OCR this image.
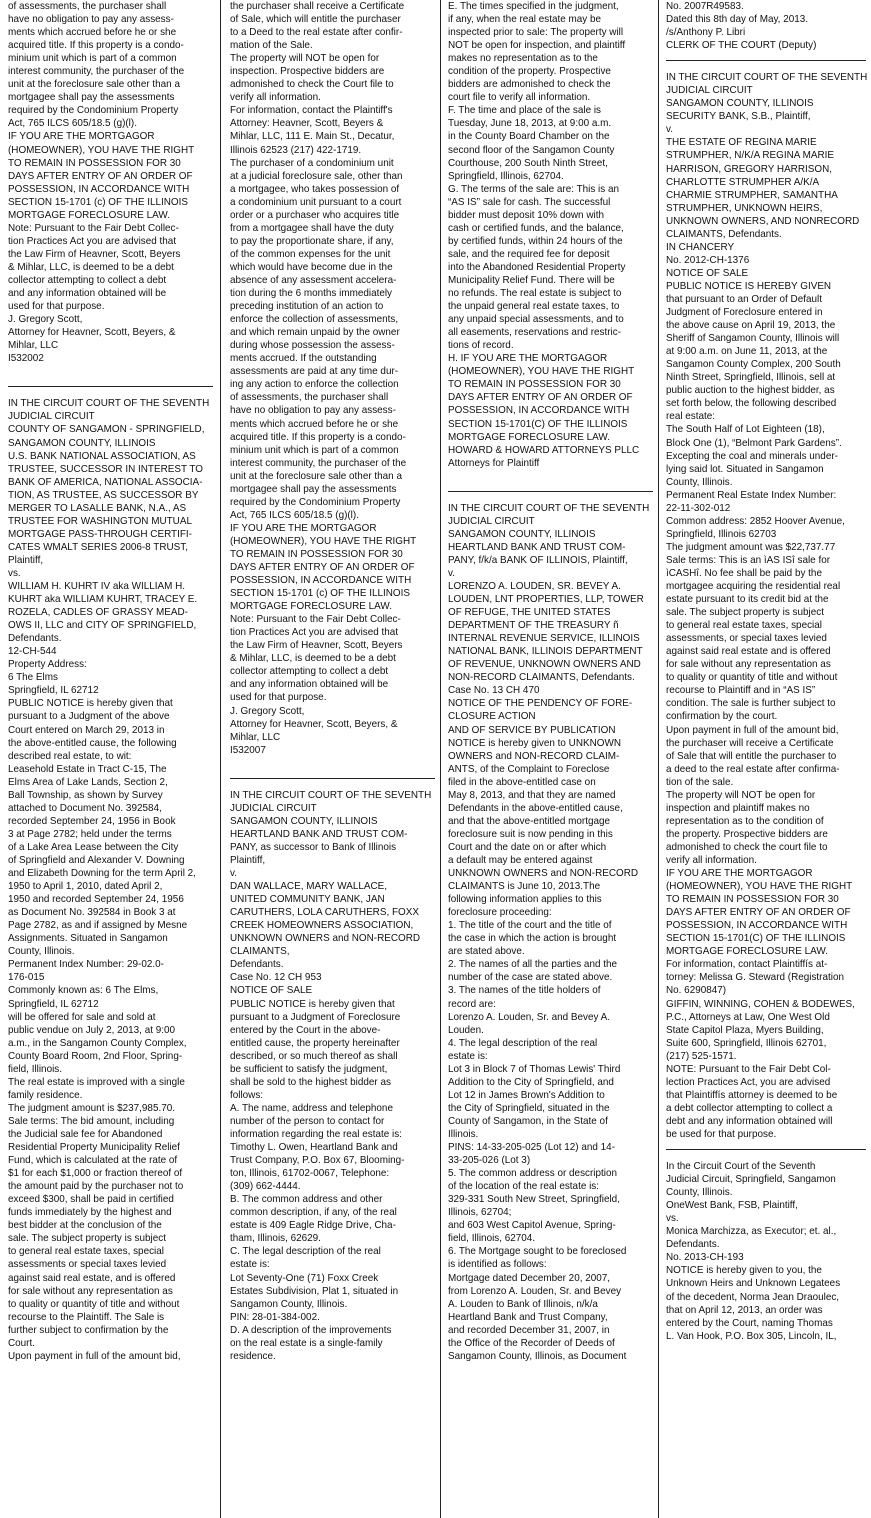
of assessments, the purchaser shall
have no obligation to pay any assess-
ments which accrued before he or she
acquired title. If this property is a condo-
minium unit which is part of a common
interest community, the purchaser of the
unit at the foreclosure sale other than a
mortgagee shall pay the assessments
required by the Condominium Property
Act, 765 ILCS 605/18.5 (g)(l).
IF YOU ARE THE MORTGAGOR
(HOMEOWNER), YOU HAVE THE RIGHT
TO REMAIN IN POSSESSION FOR 30
DAYS AFTER ENTRY OF AN ORDER OF
POSSESSION, IN ACCORDANCE WITH
SECTION 15-1701 (c) OF THE ILLINOIS
MORTGAGE FORECLOSURE LAW.
Note: Pursuant to the Fair Debt Collec-
tion Practices Act you are advised that
the Law Firm of Heavner, Scott, Beyers
& Mihlar, LLC, is deemed to be a debt
collector attempting to collect a debt
and any information obtained will be
used for that purpose.
J. Gregory Scott,
Attorney for Heavner, Scott, Beyers, &
Mihlar, LLC
I532002
IN THE CIRCUIT COURT OF THE SEVENTH
JUDICIAL CIRCUIT
COUNTY OF SANGAMON - SPRINGFIELD,
SANGAMON COUNTY, ILLINOIS
U.S. BANK NATIONAL ASSOCIATION, AS
TRUSTEE, SUCCESSOR IN INTEREST TO
BANK OF AMERICA, NATIONAL ASSOCIA-
TION, AS TRUSTEE, AS SUCCESSOR BY
MERGER TO LASALLE BANK, N.A., AS
TRUSTEE FOR WASHINGTON MUTUAL
MORTGAGE PASS-THROUGH CERTIFI-
CATES WMALT SERIES 2006-8 TRUST,
Plaintiff,
vs.
WILLIAM H. KUHRT IV aka WILLIAM H.
KUHRT aka WILLIAM KUHRT, TRACEY E.
ROZELA, CADLES OF GRASSY MEAD-
OWS II, LLC and CITY OF SPRINGFIELD,
Defendants.
12-CH-544
Property Address:
6 The Elms
Springfield, IL 62712
PUBLIC NOTICE is hereby given that
pursuant to a Judgment of the above
Court entered on March 29, 2013 in
the above-entitled cause, the following
described real estate, to wit:
Leasehold Estate in Tract C-15, The
Elms Area of Lake Lands, Section 2,
Ball Township, as shown by Survey
attached to Document No. 392584,
recorded September 24, 1956 in Book
3 at Page 2782; held under the terms
of a Lake Area Lease between the City
of Springfield and Alexander V. Downing
and Elizabeth Downing for the term April 2,
1950 to April 1, 2010, dated April 2,
1950 and recorded September 24, 1956
as Document No. 392584 in Book 3 at
Page 2782, as and if assigned by Mesne
Assignments. Situated in Sangamon
County, Illinois.
Permanent Index Number: 29-02.0-
176-015
Commonly known as: 6 The Elms,
Springfield, IL 62712
will be offered for sale and sold at
public vendue on July 2, 2013, at 9:00
a.m., in the Sangamon County Complex,
County Board Room, 2nd Floor, Spring-
field, Illinois.
The real estate is improved with a single
family residence.
The judgment amount is $237,985.70.
Sale terms: The bid amount, including
the Judicial sale fee for Abandoned
Residential Property Municipality Relief
Fund, which is calculated at the rate of
$1 for each $1,000 or fraction thereof of
the amount paid by the purchaser not to
exceed $300, shall be paid in certified
funds immediately by the highest and
best bidder at the conclusion of the
sale. The subject property is subject
to general real estate taxes, special
assessments or special taxes levied
against said real estate, and is offered
for sale without any representation as
to quality or quantity of title and without
recourse to the Plaintiff. The Sale is
further subject to confirmation by the
Court.
Upon payment in full of the amount bid,
the purchaser shall receive a Certificate
of Sale, which will entitle the purchaser
to a Deed to the real estate after confir-
mation of the Sale.
The property will NOT be open for
inspection. Prospective bidders are
admonished to check the Court file to
verify all information.
For information, contact the Plaintiff's
Attorney: Heavner, Scott, Beyers &
Mihlar, LLC, 111 E. Main St., Decatur,
Illinois 62523 (217) 422-1719.
The purchaser of a condominium unit
at a judicial foreclosure sale, other than
a mortgagee, who takes possession of
a condominium unit pursuant to a court
order or a purchaser who acquires title
from a mortgagee shall have the duty
to pay the proportionate share, if any,
of the common expenses for the unit
which would have become due in the
absence of any assessment accelera-
tion during the 6 months immediately
preceding institution of an action to
enforce the collection of assessments,
and which remain unpaid by the owner
during whose possession the assess-
ments accrued. If the outstanding
assessments are paid at any time dur-
ing any action to enforce the collection
of assessments, the purchaser shall
have no obligation to pay any assess-
ments which accrued before he or she
acquired title. If this property is a condo-
minium unit which is part of a common
interest community, the purchaser of the
unit at the foreclosure sale other than a
mortgagee shall pay the assessments
required by the Condominium Property
Act, 765 ILCS 605/18.5 (g)(l).
IF YOU ARE THE MORTGAGOR
(HOMEOWNER), YOU HAVE THE RIGHT
TO REMAIN IN POSSESSION FOR 30
DAYS AFTER ENTRY OF AN ORDER OF
POSSESSION, IN ACCORDANCE WITH
SECTION 15-1701 (c) OF THE ILLINOIS
MORTGAGE FORECLOSURE LAW.
Note: Pursuant to the Fair Debt Collec-
tion Practices Act you are advised that
the Law Firm of Heavner, Scott, Beyers
& Mihlar, LLC, is deemed to be a debt
collector attempting to collect a debt
and any information obtained will be
used for that purpose.
J. Gregory Scott,
Attorney for Heavner, Scott, Beyers, &
Mihlar, LLC
I532007
IN THE CIRCUIT COURT OF THE SEVENTH
JUDICIAL CIRCUIT
SANGAMON COUNTY, ILLINOIS
HEARTLAND BANK AND TRUST COM-
PANY, as successor to Bank of Illinois
Plaintiff,
v.
DAN WALLACE, MARY WALLACE,
UNITED COMMUNITY BANK, JAN
CARUTHERS, LOLA CARUTHERS, FOXX
CREEK HOMEOWNERS ASSOCIATION,
UNKNOWN OWNERS and NON-RECORD
CLAIMANTS,
Defendants.
Case No. 12 CH 953
NOTICE OF SALE
PUBLIC NOTICE is hereby given that
pursuant to a Judgment of Foreclosure
entered by the Court in the above-
entitled cause, the property hereinafter
described, or so much thereof as shall
be sufficient to satisfy the judgment,
shall be sold to the highest bidder as
follows:
A. The name, address and telephone
number of the person to contact for
information regarding the real estate is:
Timothy L. Owen, Heartland Bank and
Trust Company, P.O. Box 67, Blooming-
ton, Illinois, 61702-0067, Telephone:
(309) 662-4444.
B. The common address and other
common description, if any, of the real
estate is 409 Eagle Ridge Drive, Cha-
tham, Illinois, 62629.
C. The legal description of the real
estate is:
Lot Seventy-One (71) Foxx Creek
Estates Subdivision, Plat 1, situated in
Sangamon County, Illinois.
PIN: 28-01-384-002.
D. A description of the improvements
on the real estate is a single-family
residence.
E. The times specified in the judgment,
if any, when the real estate may be
inspected prior to sale: The property will
NOT be open for inspection, and plaintiff
makes no representation as to the
condition of the property. Prospective
bidders are admonished to check the
court file to verify all information.
F. The time and place of the sale is
Tuesday, June 18, 2013, at 9:00 a.m.
in the County Board Chamber on the
second floor of the Sangamon County
Courthouse, 200 South Ninth Street,
Springfield, Illinois, 62704.
G. The terms of the sale are: This is an
“AS IS” sale for cash. The successful
bidder must deposit 10% down with
cash or certified funds, and the balance,
by certified funds, within 24 hours of the
sale, and the required fee for deposit
into the Abandoned Residential Property
Municipality Relief Fund. There will be
no refunds. The real estate is subject to
the unpaid general real estate taxes, to
any unpaid special assessments, and to
all easements, reservations and restric-
tions of record.
H. IF YOU ARE THE MORTGAGOR
(HOMEOWNER), YOU HAVE THE RIGHT
TO REMAIN IN POSSESSION FOR 30
DAYS AFTER ENTRY OF AN ORDER OF
POSSESSION, IN ACCORDANCE WITH
SECTION 15-1701(C) OF THE ILLINOIS
MORTGAGE FORECLOSURE LAW.
HOWARD & HOWARD ATTORNEYS PLLC
Attorneys for Plaintiff
IN THE CIRCUIT COURT OF THE SEVENTH
JUDICIAL CIRCUIT
SANGAMON COUNTY, ILLINOIS
HEARTLAND BANK AND TRUST COM-
PANY, f/k/a BANK OF ILLINOIS, Plaintiff,
v.
LORENZO A. LOUDEN, SR. BEVEY A.
LOUDEN, LNT PROPERTIES, LLP, TOWER
OF REFUGE, THE UNITED STATES
DEPARTMENT OF THE TREASURY ñ
INTERNAL REVENUE SERVICE, ILLINOIS
NATIONAL BANK, ILLINOIS DEPARTMENT
OF REVENUE, UNKNOWN OWNERS AND
NON-RECORD CLAIMANTS, Defendants.
Case No. 13 CH 470
NOTICE OF THE PENDENCY OF FORE-
CLOSURE ACTION
AND OF SERVICE BY PUBLICATION
NOTICE is hereby given to UNKNOWN
OWNERS and NON-RECORD CLAIM-
ANTS, of the Complaint to Foreclose
filed in the above-entitled case on
May 8, 2013, and that they are named
Defendants in the above-entitled cause,
and that the above-entitled mortgage
foreclosure suit is now pending in this
Court and the date on or after which
a default may be entered against
UNKNOWN OWNERS and NON-RECORD
CLAIMANTS is June 10, 2013.The
following information applies to this
foreclosure proceeding:
1. The title of the court and the title of
the case in which the action is brought
are stated above.
2. The names of all the parties and the
number of the case are stated above.
3. The names of the title holders of
record are:
Lorenzo A. Louden, Sr. and Bevey A.
Louden.
4. The legal description of the real
estate is:
Lot 3 in Block 7 of Thomas Lewis' Third
Addition to the City of Springfield, and
Lot 12 in James Brown's Addition to
the City of Springfield, situated in the
County of Sangamon, in the State of
Illinois.
PINS: 14-33-205-025 (Lot 12) and 14-
33-205-026 (Lot 3)
5. The common address or description
of the location of the real estate is:
329-331 South New Street, Springfield,
Illinois, 62704;
and 603 West Capitol Avenue, Spring-
field, Illinois, 62704.
6. The Mortgage sought to be foreclosed
is identified as follows:
Mortgage dated December 20, 2007,
from Lorenzo A. Louden, Sr. and Bevey
A. Louden to Bank of Illinois, n/k/a
Heartland Bank and Trust Company,
and recorded December 31, 2007, in
the Office of the Recorder of Deeds of
Sangamon County, Illinois, as Document
No. 2007R49583.
Dated this 8th day of May, 2013.
/s/Anthony P. Libri
CLERK OF THE COURT (Deputy)
IN THE CIRCUIT COURT OF THE SEVENTH
JUDICIAL CIRCUIT
SANGAMON COUNTY, ILLINOIS
SECURITY BANK, S.B., Plaintiff,
v.
THE ESTATE OF REGINA MARIE
STRUMPHER, N/K/A REGINA MARIE
HARRISON, GREGORY HARRISON,
CHARLOTTE STRUMPHER A/K/A
CHARMIE STRUMPHER, SAMANTHA
STRUMPHER, UNKNOWN HEIRS,
UNKNOWN OWNERS, AND NONRECORD
CLAIMANTS, Defendants.
IN CHANCERY
No. 2012-CH-1376
NOTICE OF SALE
PUBLIC NOTICE IS HEREBY GIVEN
that pursuant to an Order of Default
Judgment of Foreclosure entered in
the above cause on April 19, 2013, the
Sheriff of Sangamon County, Illinois will
at 9:00 a.m. on June 11, 2013, at the
Sangamon County Complex, 200 South
Ninth Street, Springfield, Illinois, sell at
public auction to the highest bidder, as
set forth below, the following described
real estate:
The South Half of Lot Eighteen (18),
Block One (1), “Belmont Park Gardens”.
Excepting the coal and minerals under-
lying said lot. Situated in Sangamon
County, Illinois.
Permanent Real Estate Index Number:
22-11-302-012
Common address: 2852 Hoover Avenue,
Springfield, Illinois 62703
The judgment amount was $22,737.77
Sale terms: This is an ìAS ISî sale for
ìCASHî. No fee shall be paid by the
mortgagee acquiring the residential real
estate pursuant to its credit bid at the
sale. The subject property is subject
to general real estate taxes, special
assessments, or special taxes levied
against said real estate and is offered
for sale without any representation as
to quality or quantity of title and without
recourse to Plaintiff and in “AS IS”
condition. The sale is further subject to
confirmation by the court.
Upon payment in full of the amount bid,
the purchaser will receive a Certificate
of Sale that will entitle the purchaser to
a deed to the real estate after confirma-
tion of the sale.
The property will NOT be open for
inspection and plaintiff makes no
representation as to the condition of
the property. Prospective bidders are
admonished to check the court file to
verify all information.
IF YOU ARE THE MORTGAGOR
(HOMEOWNER), YOU HAVE THE RIGHT
TO REMAIN IN POSSESSION FOR 30
DAYS AFTER ENTRY OF AN ORDER OF
POSSESSION, IN ACCORDANCE WITH
SECTION 15-1701(C) OF THE ILLINOIS
MORTGAGE FORECLOSURE LAW.
For information, contact Plaintiffís at-
torney: Melissa G. Steward (Registration
No. 6290847)
GIFFIN, WINNING, COHEN & BODEWES,
P.C., Attorneys at Law, One West Old
State Capitol Plaza, Myers Building,
Suite 600, Springfield, Illinois 62701,
(217) 525-1571.
NOTE: Pursuant to the Fair Debt Col-
lection Practices Act, you are advised
that Plaintiffís attorney is deemed to be
a debt collector attempting to collect a
debt and any information obtained will
be used for that purpose.
In the Circuit Court of the Seventh
Judicial Circuit, Springfield, Sangamon
County, Illinois.
OneWest Bank, FSB, Plaintiff,
vs.
Monica Marchizza, as Executor; et. al.,
Defendants.
No. 2013-CH-193
NOTICE is hereby given to you, the
Unknown Heirs and Unknown Legatees
of the decedent, Norma Jean Draoulec,
that on April 12, 2013, an order was
entered by the Court, naming Thomas
L. Van Hook, P.O. Box 305, Lincoln, IL,
